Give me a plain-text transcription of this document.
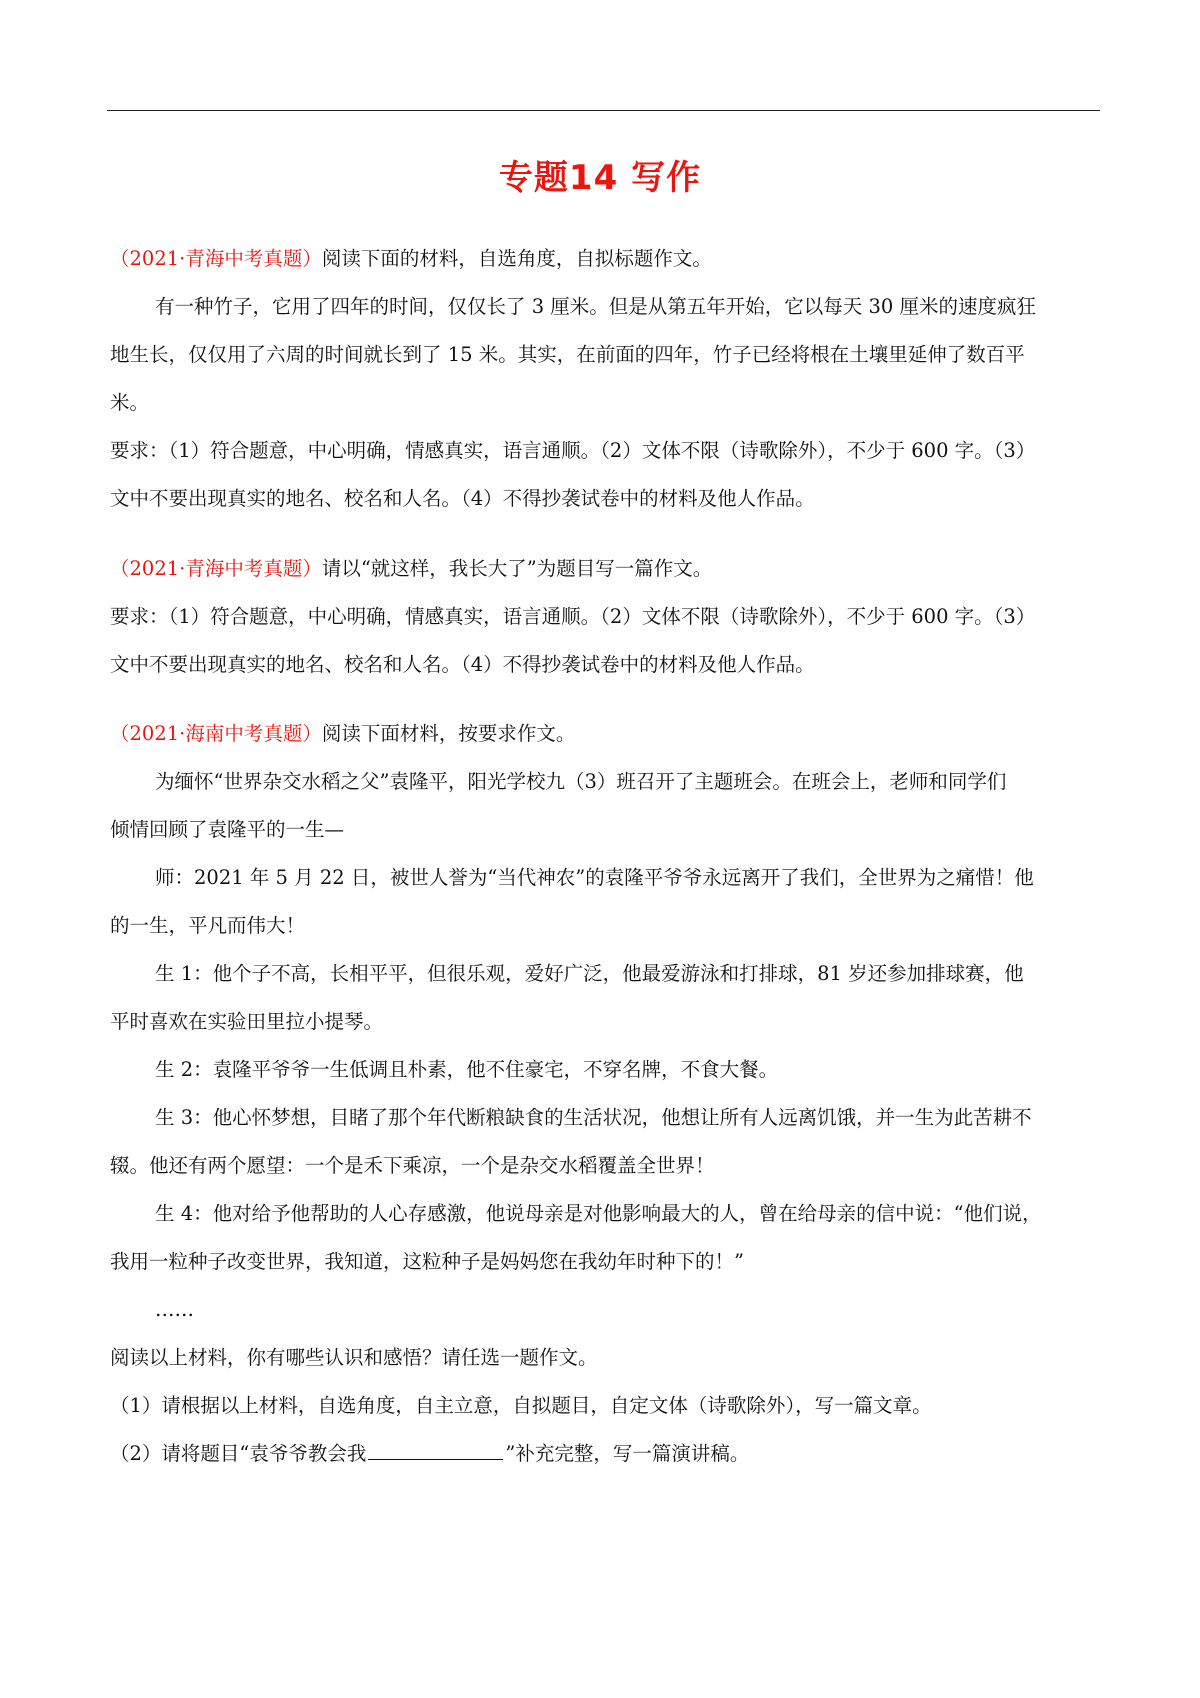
专题14 写作
（2021·青海中考真题）阅读下面的材料，自选角度，自拟标题作文。
有一种竹子，它用了四年的时间，仅仅长了 3 厘米。但是从第五年开始，它以每天 30 厘米的速度疯狂
地生长，仅仅用了六周的时间就长到了 15 米。其实，在前面的四年，竹子已经将根在土壤里延伸了数百平
米。
要求：（1）符合题意，中心明确，情感真实，语言通顺。（2）文体不限（诗歌除外），不少于 600 字。（3）
文中不要出现真实的地名、校名和人名。（4）不得抄袭试卷中的材料及他人作品。
（2021·青海中考真题）请以“就这样，我长大了”为题目写一篇作文。
要求：（1）符合题意，中心明确，情感真实，语言通顺。（2）文体不限（诗歌除外），不少于 600 字。（3）
文中不要出现真实的地名、校名和人名。（4）不得抄袭试卷中的材料及他人作品。
（2021·海南中考真题）阅读下面材料，按要求作文。
为缅怀“世界杂交水稻之父”袁隆平，阳光学校九（3）班召开了主题班会。在班会上，老师和同学们
倾情回顾了袁隆平的一生—
师：2021 年 5 月 22 日，被世人誉为“当代神农”的袁隆平爷爷永远离开了我们，全世界为之痛惜！他
的一生，平凡而伟大！
生 1：他个子不高，长相平平，但很乐观，爱好广泛，他最爱游泳和打排球，81 岁还参加排球赛，他
平时喜欢在实验田里拉小提琴。
生 2：袁隆平爷爷一生低调且朴素，他不住豪宅，不穿名牌，不食大餐。
生 3：他心怀梦想，目睹了那个年代断粮缺食的生活状况，他想让所有人远离饥饿，并一生为此苦耕不
辍。他还有两个愿望：一个是禾下乘凉，一个是杂交水稻覆盖全世界！
生 4：他对给予他帮助的人心存感激，他说母亲是对他影响最大的人，曾在给母亲的信中说：“他们说，
我用一粒种子改变世界，我知道，这粒种子是妈妈您在我幼年时种下的！”
……
阅读以上材料，你有哪些认识和感悟？请任选一题作文。
（1）请根据以上材料，自选角度，自主立意，自拟题目，自定文体（诗歌除外），写一篇文章。
（2）请将题目“袁爷爷教会我	”补充完整，写一篇演讲稿。
